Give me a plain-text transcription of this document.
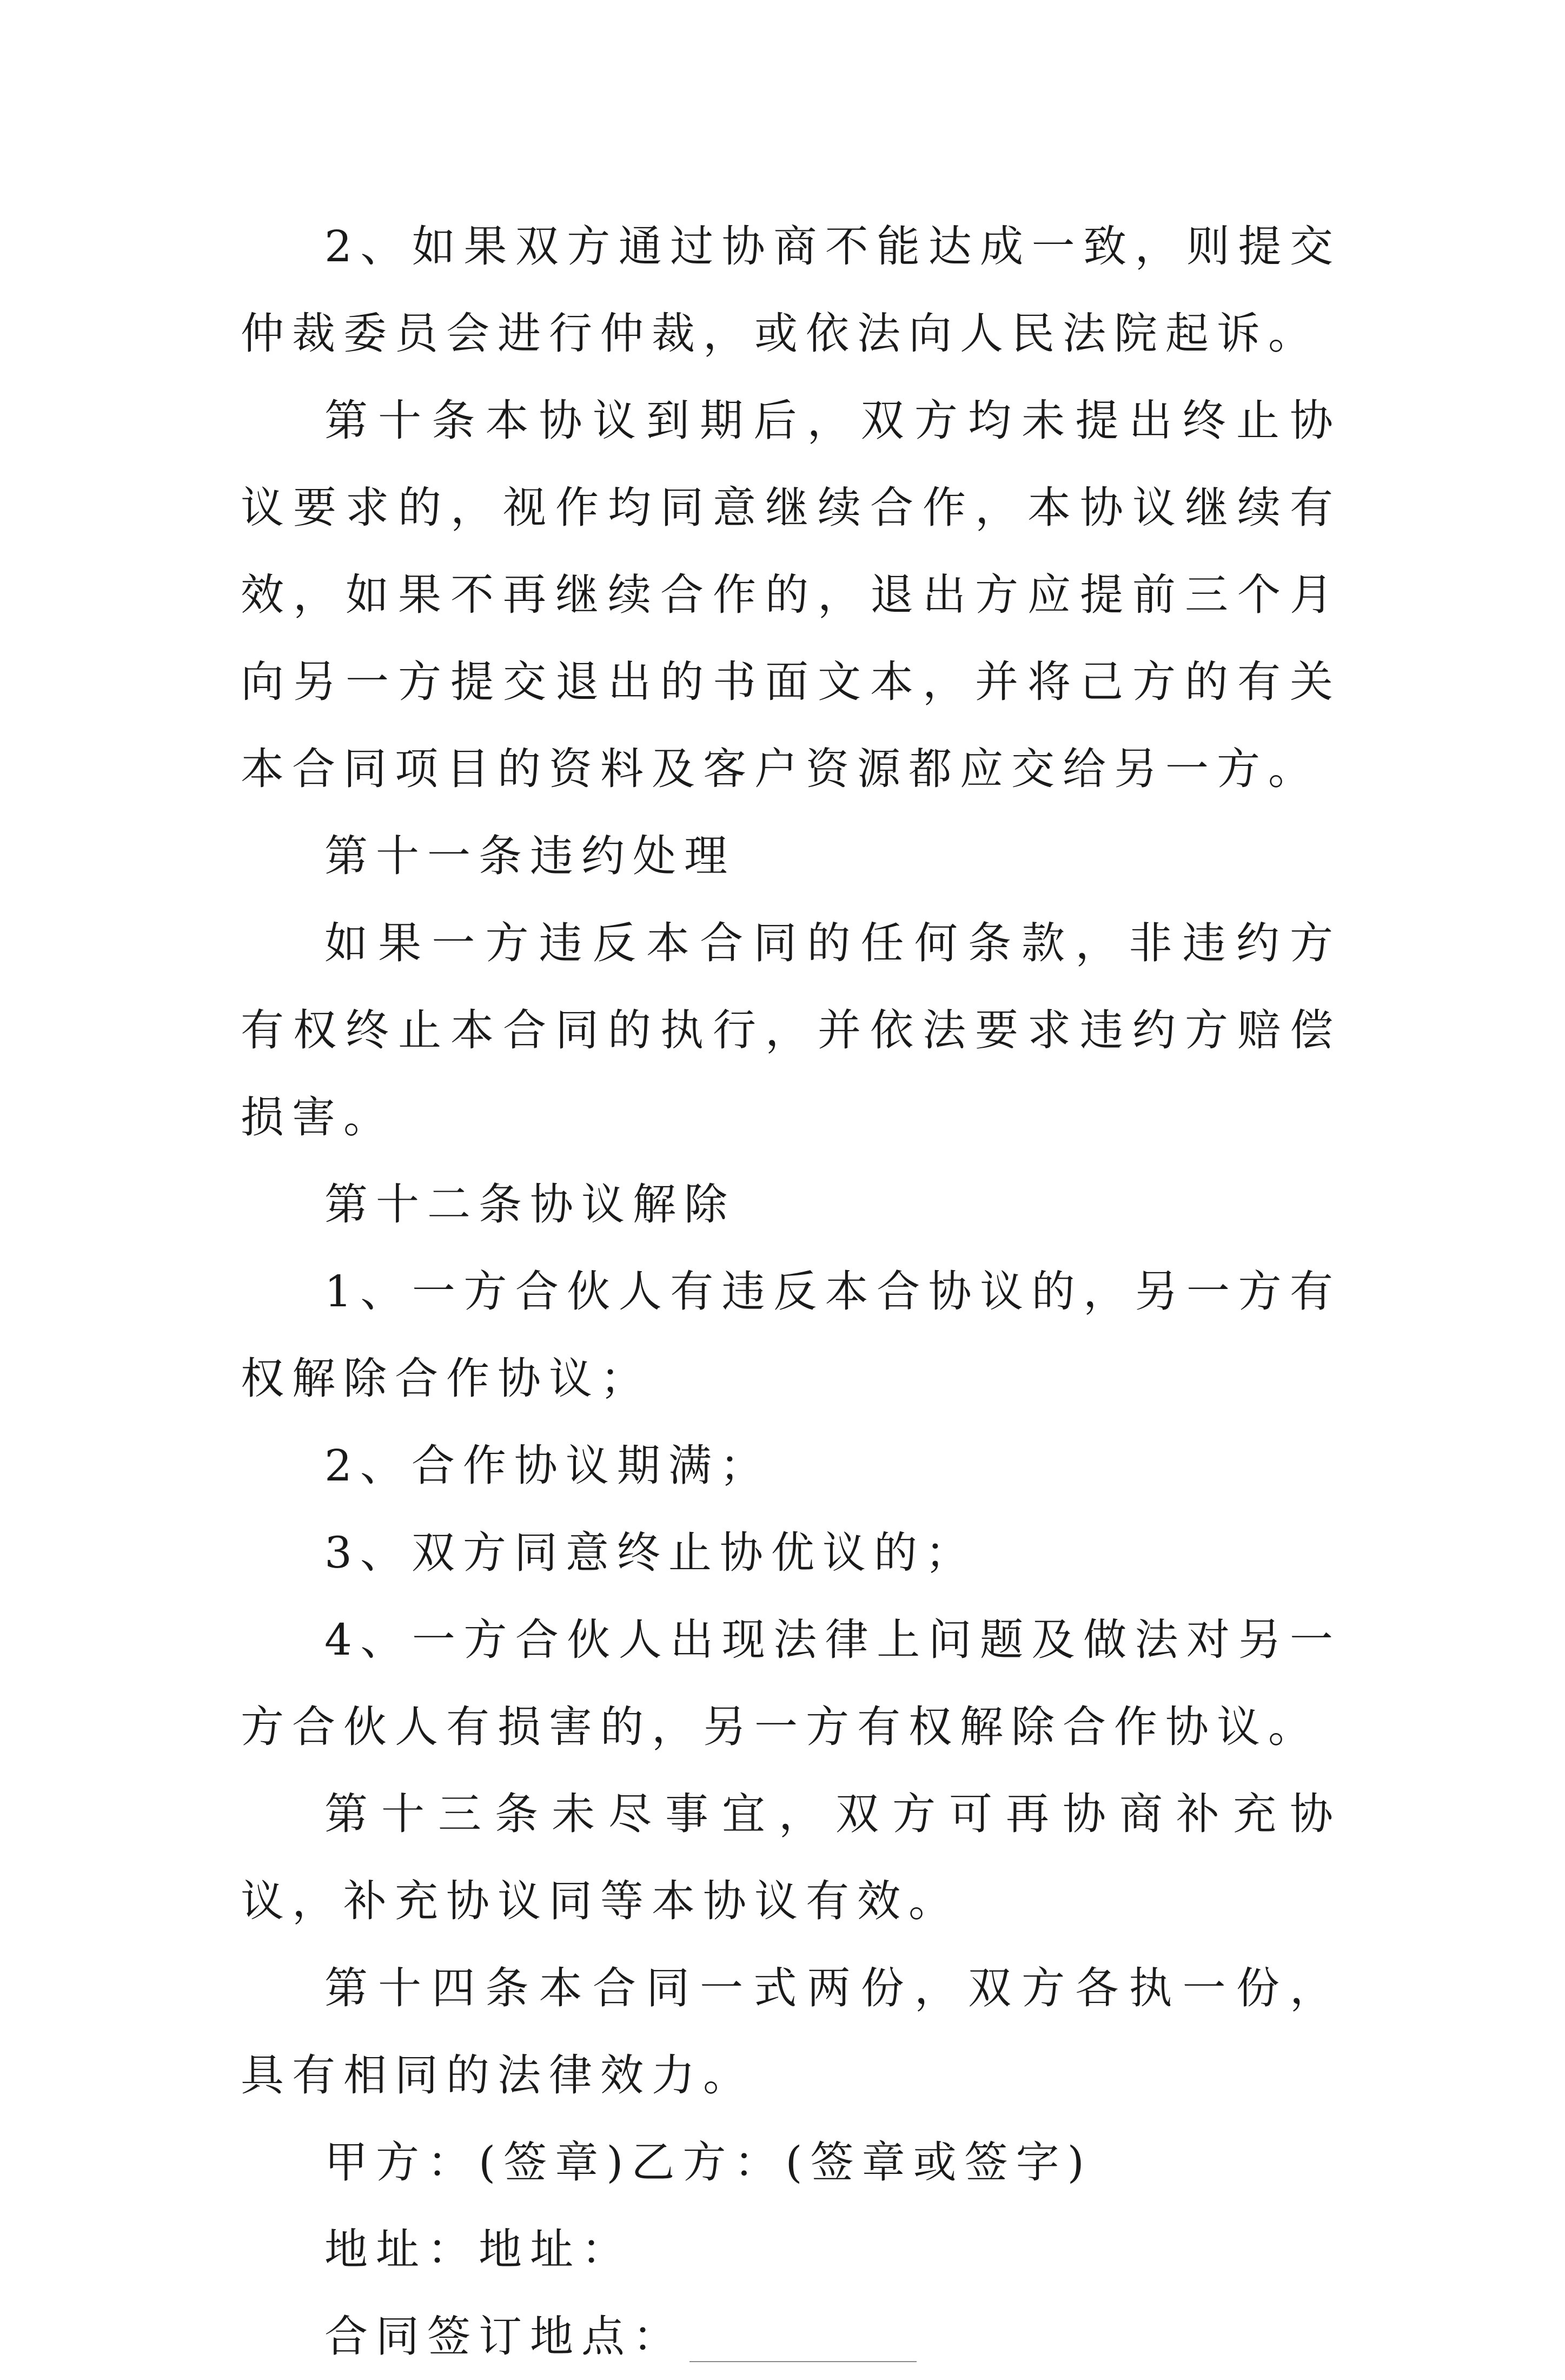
2、如果双方通过协商不能达成一致，则提交仲裁委员会进行仲裁，或依法向人民法院起诉。

第十条本协议到期后，双方均未提出终止协议要求的，视作均同意继续合作，本协议继续有效，如果不再继续合作的，退出方应提前三个月向另一方提交退出的书面文本，并将己方的有关本合同项目的资料及客户资源都应交给另一方。

第十一条违约处理

如果一方违反本合同的任何条款，非违约方有权终止本合同的执行，并依法要求违约方赔偿损害。

第十二条协议解除

1、一方合伙人有违反本合协议的，另一方有权解除合作协议；

2、合作协议期满；

3、双方同意终止协优议的；

4、一方合伙人出现法律上问题及做法对另一方合伙人有损害的，另一方有权解除合作协议。

第十三条未尽事宜，双方可再协商补充协议，补充协议同等本协议有效。

第十四条本合同一式两份，双方各执一份，具有相同的法律效力。

甲方：(签章)乙方：(签章或签字)

地址：地址：

合同签订地点：
